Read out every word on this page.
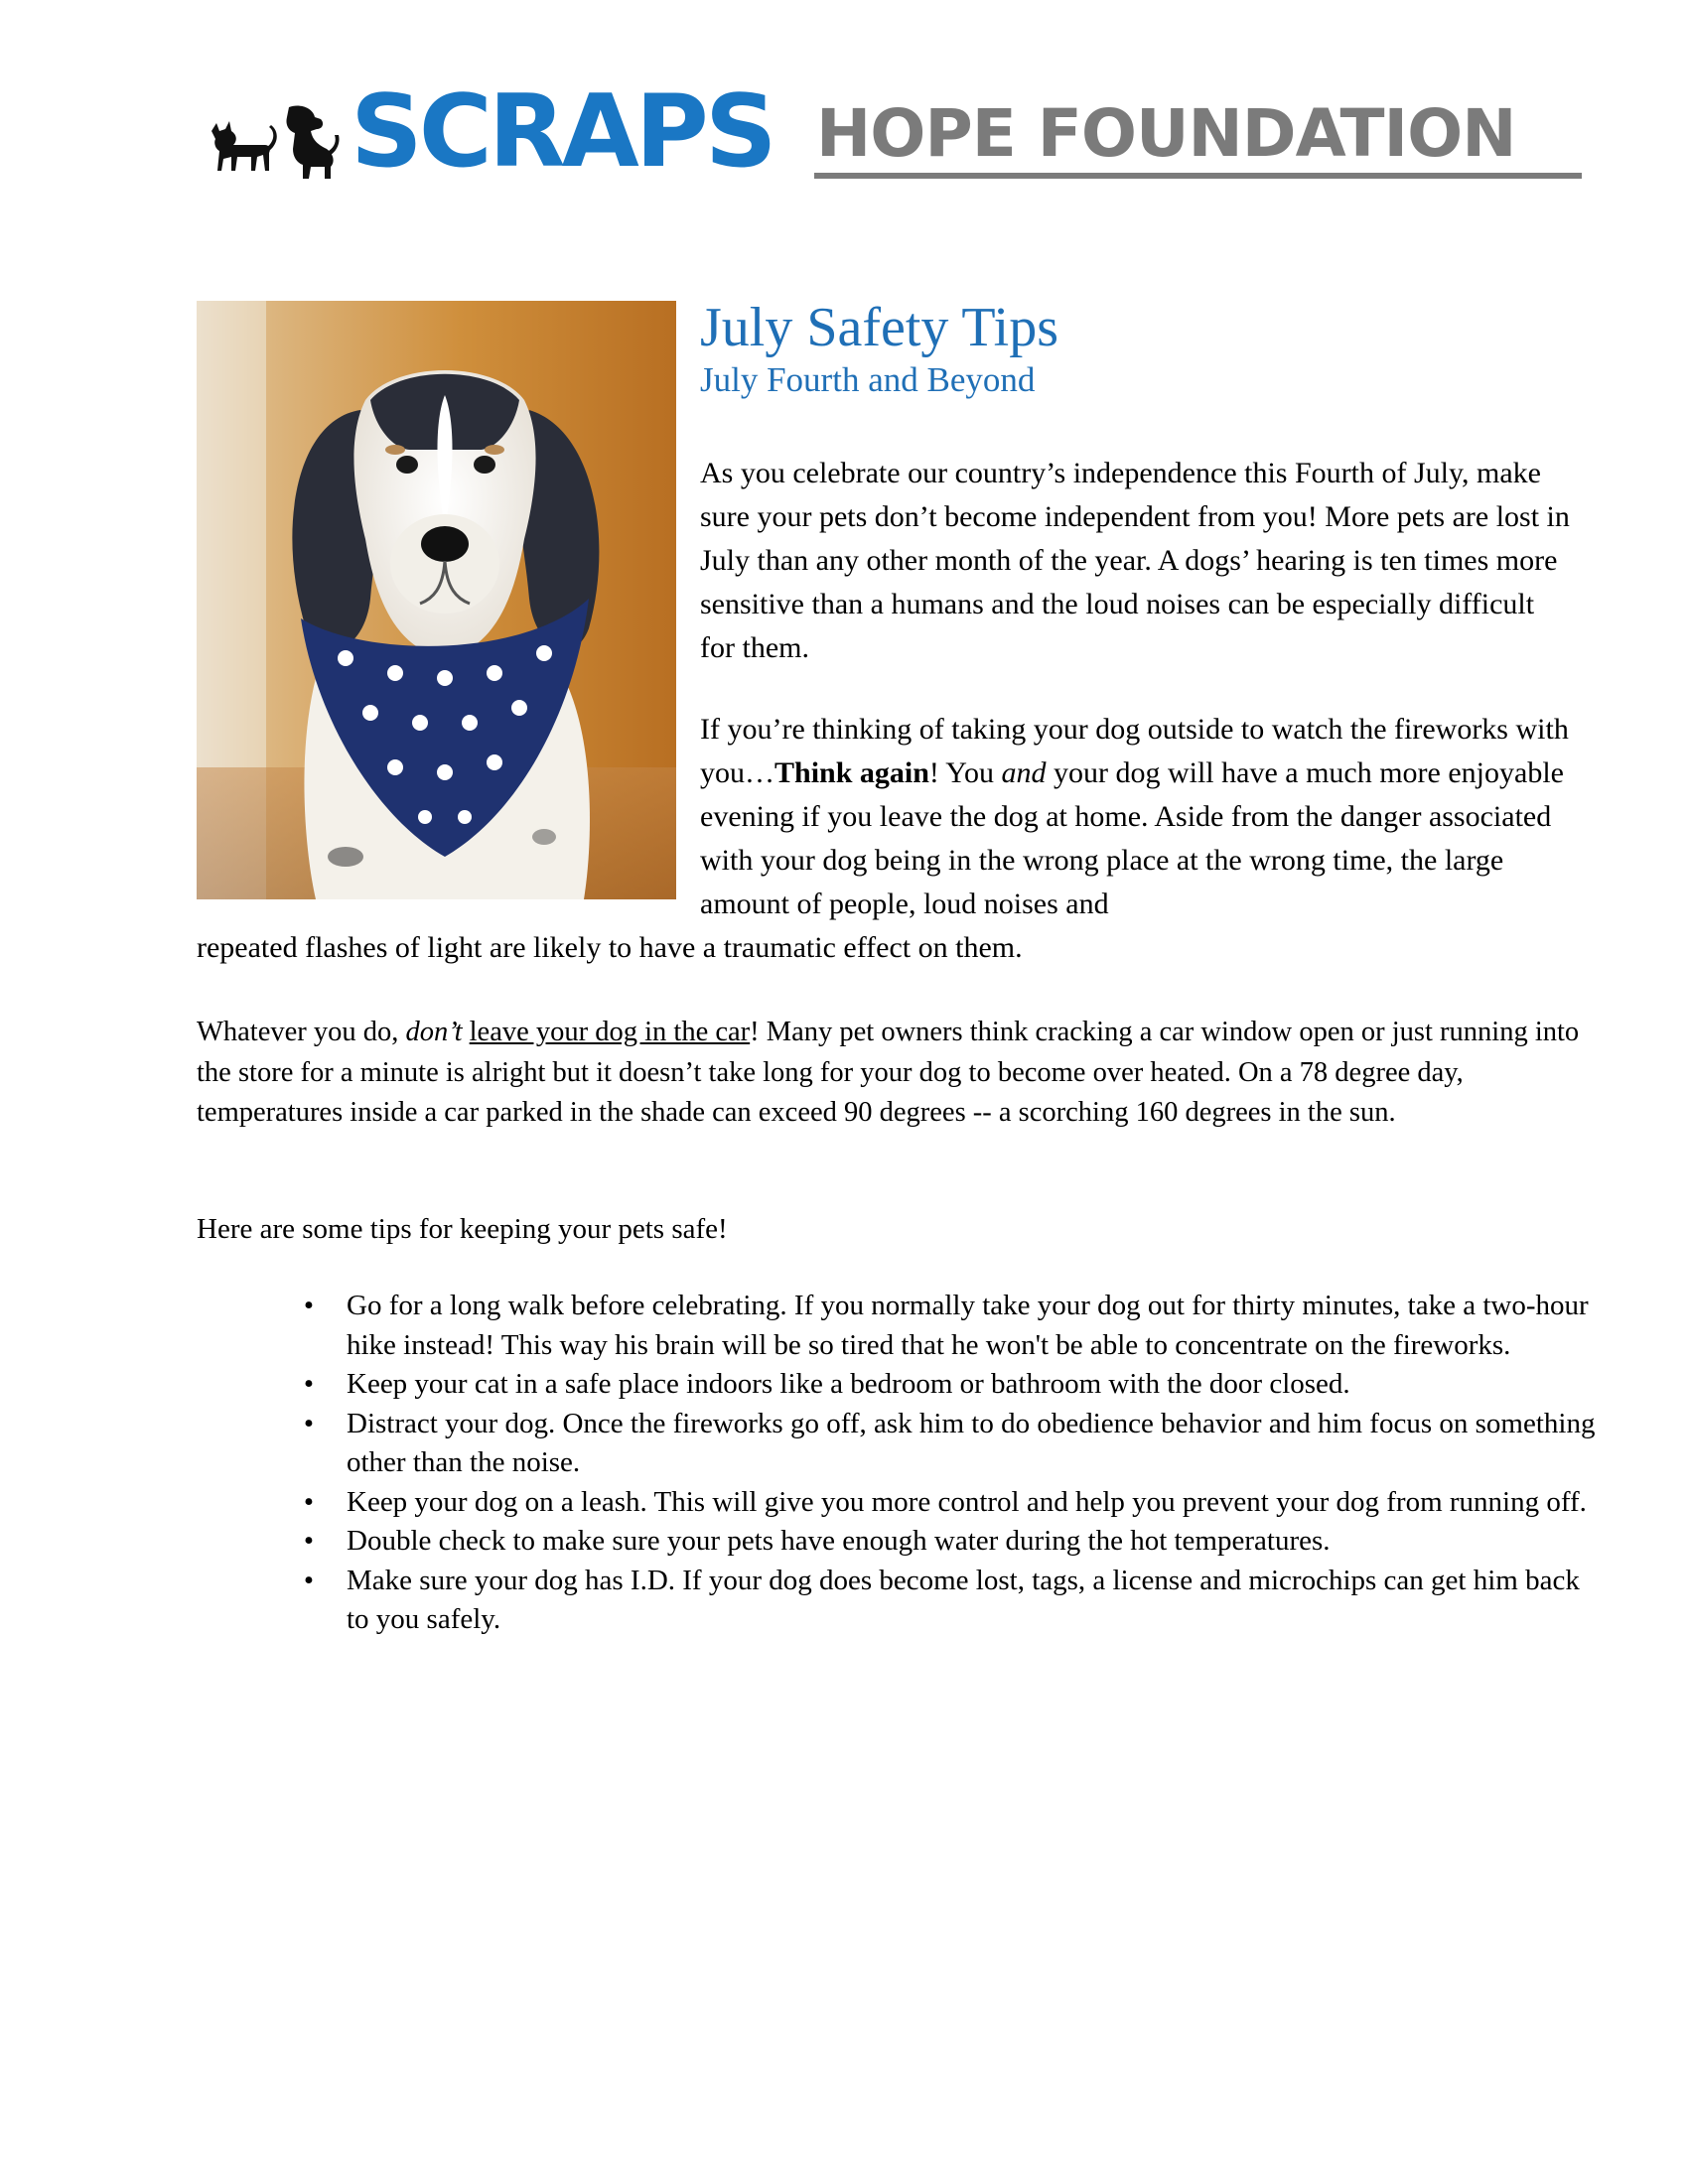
SCRAPS HOPE FOUNDATION
July Safety Tips
July Fourth and Beyond

As you celebrate our country’s independence this Fourth of July, make sure your pets don’t become independent from you! More pets are lost in July than any other month of the year. A dogs’ hearing is ten times more sensitive than a humans and the loud noises can be especially difficult for them.

If you’re thinking of taking your dog outside to watch the fireworks with you…Think again! You and your dog will have a much more enjoyable evening if you leave the dog at home. Aside from the danger associated with your dog being in the wrong place at the wrong time, the large amount of people, loud noises and

repeated flashes of light are likely to have a traumatic effect on them.

Whatever you do, don’t leave your dog in the car! Many pet owners think cracking a car window open or just running into the store for a minute is alright but it doesn’t take long for your dog to become over heated. On a 78 degree day, temperatures inside a car parked in the shade can exceed 90 degrees -- a scorching 160 degrees in the sun.

Here are some tips for keeping your pets safe!

•	Go for a long walk before celebrating. If you normally take your dog out for thirty minutes, take a two-hour hike instead! This way his brain will be so tired that he won't be able to concentrate on the fireworks.
•	Keep your cat in a safe place indoors like a bedroom or bathroom with the door closed.
•	Distract your dog. Once the fireworks go off, ask him to do obedience behavior and him focus on something other than the noise.
•	Keep your dog on a leash. This will give you more control and help you prevent your dog from running off.
•	Double check to make sure your pets have enough water during the hot temperatures.
•	Make sure your dog has I.D. If your dog does become lost, tags, a license and microchips can get him back to you safely.
